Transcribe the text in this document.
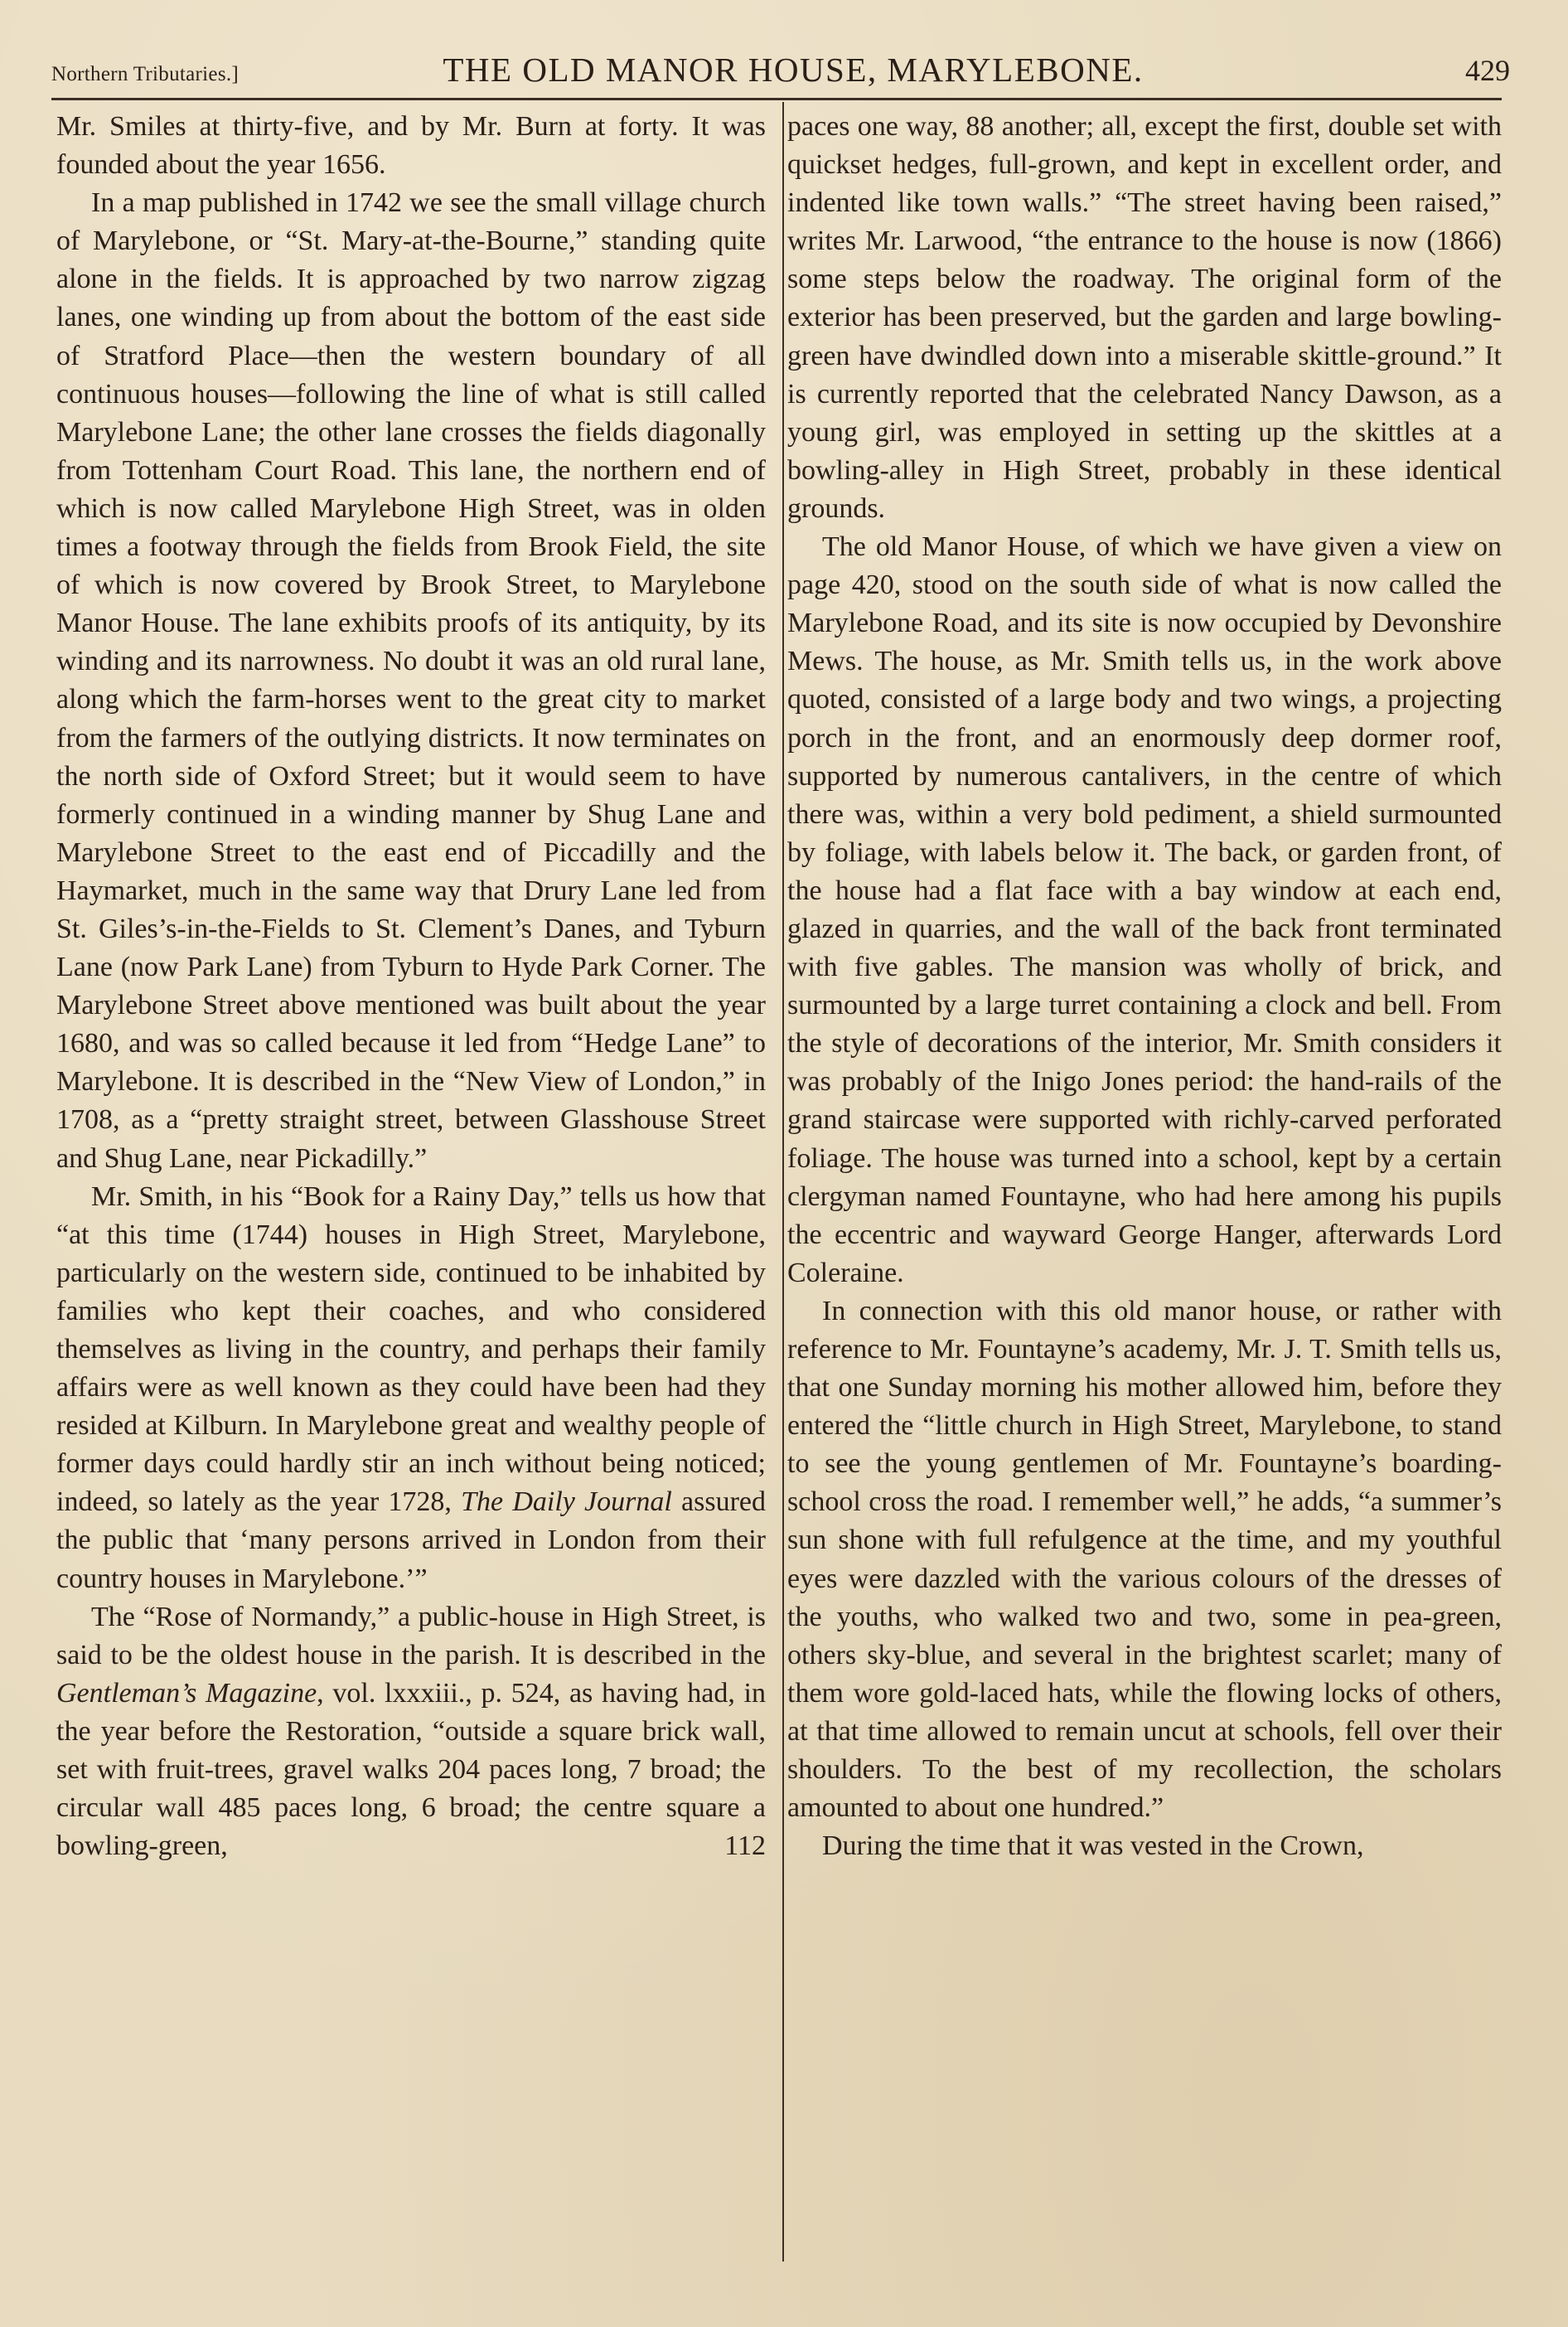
Northern Tributaries.]	THE OLD MANOR HOUSE, MARYLEBONE.	429

Mr. Smiles at thirty-five, and by Mr. Burn at forty. It was founded about the year 1656.

In a map published in 1742 we see the small village church of Marylebone, or “St. Mary-at-the-Bourne,” standing quite alone in the fields. It is approached by two narrow zigzag lanes, one winding up from about the bottom of the east side of Stratford Place—then the western boundary of all continuous houses—following the line of what is still called Marylebone Lane; the other lane crosses the fields diagonally from Tottenham Court Road. This lane, the northern end of which is now called Marylebone High Street, was in olden times a footway through the fields from Brook Field, the site of which is now covered by Brook Street, to Marylebone Manor House. The lane exhibits proofs of its antiquity, by its winding and its narrowness. No doubt it was an old rural lane, along which the farm-horses went to the great city to market from the farmers of the outlying districts. It now terminates on the north side of Oxford Street; but it would seem to have formerly continued in a winding manner by Shug Lane and Marylebone Street to the east end of Piccadilly and the Haymarket, much in the same way that Drury Lane led from St. Giles’s-in-the-Fields to St. Clement’s Danes, and Tyburn Lane (now Park Lane) from Tyburn to Hyde Park Corner. The Marylebone Street above mentioned was built about the year 1680, and was so called because it led from “Hedge Lane” to Marylebone. It is described in the “New View of London,” in 1708, as a “pretty straight street, between Glasshouse Street and Shug Lane, near Pickadilly.”

Mr. Smith, in his “Book for a Rainy Day,” tells us how that “at this time (1744) houses in High Street, Marylebone, particularly on the western side, continued to be inhabited by families who kept their coaches, and who considered themselves as living in the country, and perhaps their family affairs were as well known as they could have been had they resided at Kilburn. In Marylebone great and wealthy people of former days could hardly stir an inch without being noticed; indeed, so lately as the year 1728, The Daily Journal assured the public that ‘many persons arrived in London from their country houses in Marylebone.’”

The “Rose of Normandy,” a public-house in High Street, is said to be the oldest house in the parish. It is described in the Gentleman’s Magazine, vol. lxxxiii., p. 524, as having had, in the year before the Restoration, “outside a square brick wall, set with fruit-trees, gravel walks 204 paces long, 7 broad; the circular wall 485 paces long, 6 broad; the centre square a bowling-green, 112

paces one way, 88 another; all, except the first, double set with quickset hedges, full-grown, and kept in excellent order, and indented like town walls.” “The street having been raised,” writes Mr. Larwood, “the entrance to the house is now (1866) some steps below the roadway. The original form of the exterior has been preserved, but the garden and large bowling-green have dwindled down into a miserable skittle-ground.” It is currently reported that the celebrated Nancy Dawson, as a young girl, was employed in setting up the skittles at a bowling-alley in High Street, probably in these identical grounds.

The old Manor House, of which we have given a view on page 420, stood on the south side of what is now called the Marylebone Road, and its site is now occupied by Devonshire Mews. The house, as Mr. Smith tells us, in the work above quoted, consisted of a large body and two wings, a projecting porch in the front, and an enormously deep dormer roof, supported by numerous cantalivers, in the centre of which there was, within a very bold pediment, a shield surmounted by foliage, with labels below it. The back, or garden front, of the house had a flat face with a bay window at each end, glazed in quarries, and the wall of the back front terminated with five gables. The mansion was wholly of brick, and surmounted by a large turret containing a clock and bell. From the style of decorations of the interior, Mr. Smith considers it was probably of the Inigo Jones period: the hand-rails of the grand staircase were supported with richly-carved perforated foliage. The house was turned into a school, kept by a certain clergyman named Fountayne, who had here among his pupils the eccentric and wayward George Hanger, afterwards Lord Coleraine.

In connection with this old manor house, or rather with reference to Mr. Fountayne’s academy, Mr. J. T. Smith tells us, that one Sunday morning his mother allowed him, before they entered the “little church in High Street, Marylebone, to stand to see the young gentlemen of Mr. Fountayne’s boarding-school cross the road. I remember well,” he adds, “a summer’s sun shone with full refulgence at the time, and my youthful eyes were dazzled with the various colours of the dresses of the youths, who walked two and two, some in pea-green, others sky-blue, and several in the brightest scarlet; many of them wore gold-laced hats, while the flowing locks of others, at that time allowed to remain uncut at schools, fell over their shoulders. To the best of my recollection, the scholars amounted to about one hundred.”

During the time that it was vested in the Crown,
